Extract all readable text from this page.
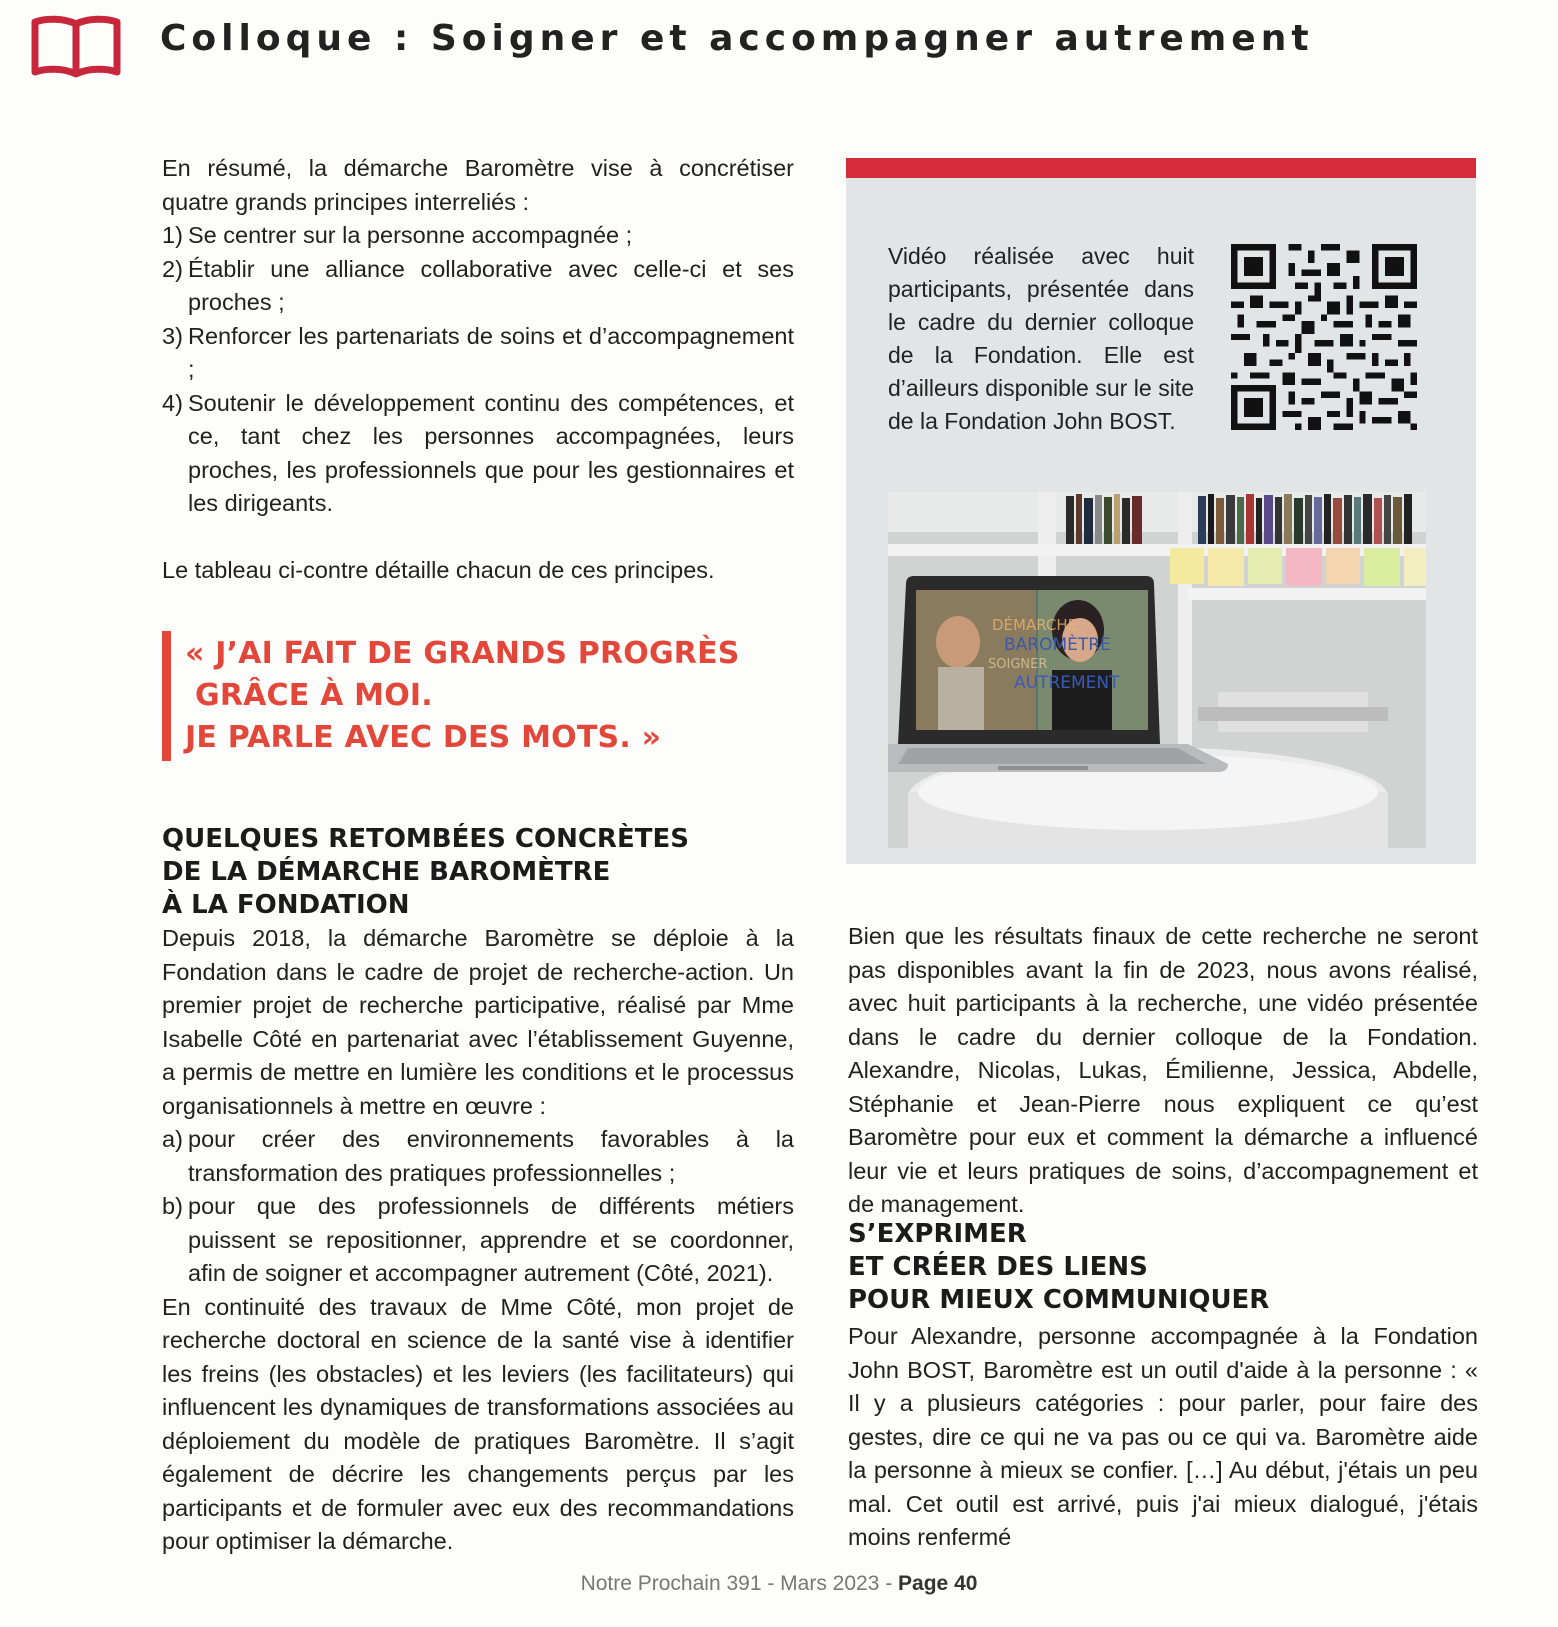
Colloque : Soigner et accompagner autrement

En résumé, la démarche Baromètre vise à concrétiser quatre grands principes interreliés :

1) Se centrer sur la personne accompagnée ;
2) Établir une alliance collaborative avec celle-ci et ses proches ;
3) Renforcer les partenariats de soins et d’accompagnement ;
4) Soutenir le développement continu des compétences, et ce, tant chez les personnes accompagnées, leurs proches, les professionnels que pour les gestionnaires et les dirigeants.

Le tableau ci-contre détaille chacun de ces principes.

« J’AI FAIT DE GRANDS PROGRÈS
GRÂCE À MOI.
JE PARLE AVEC DES MOTS. »
QUELQUES RETOMBÉES CONCRÈTES
DE LA DÉMARCHE BAROMÈTRE
À LA FONDATION

Depuis 2018, la démarche Baromètre se déploie à la Fondation dans le cadre de projet de recherche-action. Un premier projet de recherche participative, réalisé par Mme Isabelle Côté en partenariat avec l’établissement Guyenne, a permis de mettre en lumière les conditions et le processus organisationnels à mettre en œuvre :

a) pour créer des environnements favorables à la transformation des pratiques professionnelles ;
b) pour que des professionnels de différents métiers puissent se repositionner, apprendre et se coordonner, afin de soigner et accompagner autrement (Côté, 2021).

En continuité des travaux de Mme Côté, mon projet de recherche doctoral en science de la santé vise à identifier les freins (les obstacles) et les leviers (les facilitateurs) qui influencent les dynamiques de transformations associées au déploiement du modèle de pratiques Baromètre. Il s’agit également de décrire les changements perçus par les participants et de formuler avec eux des recommandations pour optimiser la démarche.

Vidéo réalisée avec huit participants, présentée dans le cadre du dernier colloque de la Fondation. Elle est d’ailleurs disponible sur le site de la Fondation John BOST.

DÉMARCHE
BAROMÈTRE
SOIGNER
AUTREMENT

Bien que les résultats finaux de cette recherche ne seront pas disponibles avant la fin de 2023, nous avons réalisé, avec huit participants à la recherche, une vidéo présentée dans le cadre du dernier colloque de la Fondation. Alexandre, Nicolas, Lukas, Émilienne, Jessica, Abdelle, Stéphanie et Jean-Pierre nous expliquent ce qu’est Baromètre pour eux et comment la démarche a influencé leur vie et leurs pratiques de soins, d’accompagnement et de management.

S’EXPRIMER
ET CRÉER DES LIENS
POUR MIEUX COMMUNIQUER

Pour Alexandre, personne accompagnée à la Fondation John BOST, Baromètre est un outil d'aide à la personne : « Il y a plusieurs catégories : pour parler, pour faire des gestes, dire ce qui ne va pas ou ce qui va. Baromètre aide la personne à mieux se confier. […] Au début, j'étais un peu mal. Cet outil est arrivé, puis j'ai mieux dialogué, j'étais moins renfermé

Notre Prochain 391 - Mars 2023 - Page 40
